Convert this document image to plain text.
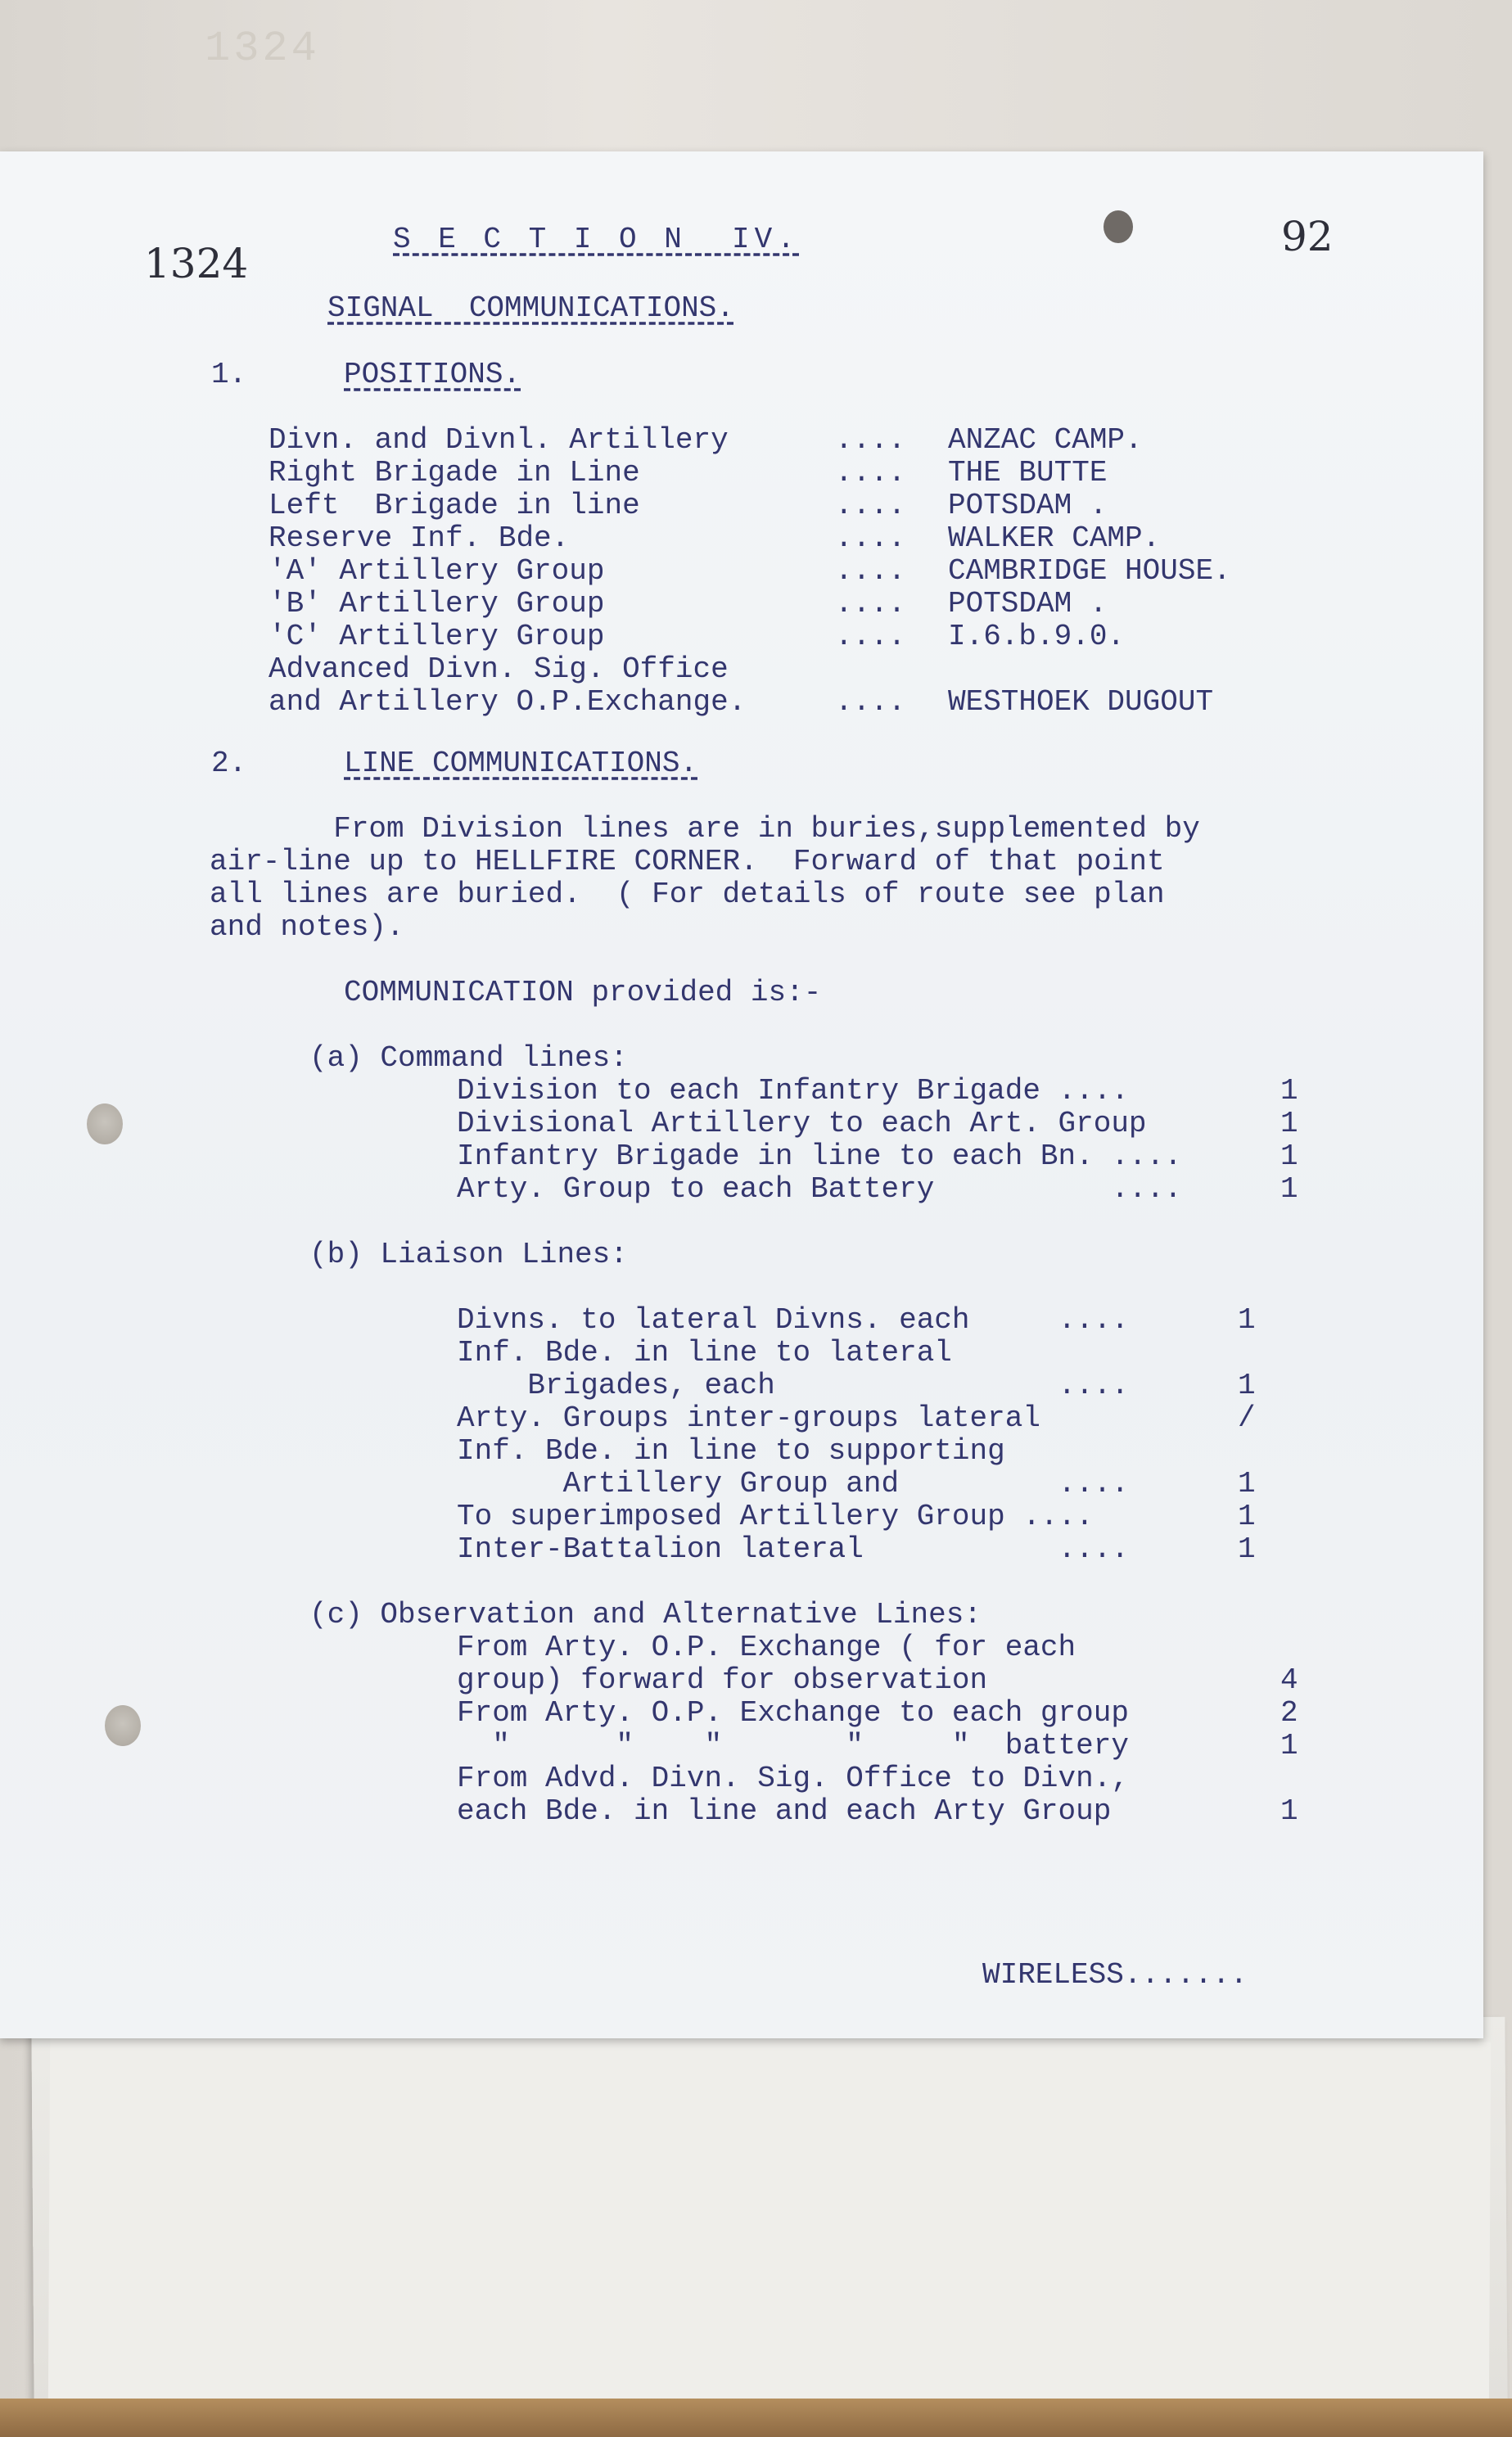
1324
1324
92
S E C T I O N  IV.
SIGNAL  COMMUNICATIONS.
1.	POSITIONS.
Divn. and Divnl. Artillery	.... ANZAC CAMP.
Right Brigade in Line	.... THE BUTTE
Left  Brigade in line	.... POTSDAM .
Reserve Inf. Bde.	.... WALKER CAMP.
'A' Artillery Group	.... CAMBRIDGE HOUSE.
'B' Artillery Group	.... POTSDAM .
'C' Artillery Group	.... I.6.b.9.0.
Advanced Divn. Sig. Office
and Artillery O.P.Exchange.	.... WESTHOEK DUGOUT
2.	LINE COMMUNICATIONS.
From Division lines are in buries,supplemented by
air-line up to HELLFIRE CORNER.  Forward of that point
all lines are buried.  ( For details of route see plan
and notes).
COMMUNICATION provided is:-
(a) Command lines:
Division to each Infantry Brigade ....	1
Divisional Artillery to each Art. Group	1
Infantry Brigade in line to each Bn. ....	1
Arty. Group to each Battery          ....	1
(b) Liaison Lines:
Divns. to lateral Divns. each     ....	1
Inf. Bde. in line to lateral
Brigades, each                ....	1
Arty. Groups inter-groups lateral	/
Inf. Bde. in line to supporting
Artillery Group and         ....	1
To superimposed Artillery Group ....	1
Inter-Battalion lateral           ....	1
(c) Observation and Alternative Lines:
From Arty. O.P. Exchange ( for each
group) forward for observation	4
From Arty. O.P. Exchange to each group	2
"      "    "       "     "  battery	1
From Advd. Divn. Sig. Office to Divn.,
each Bde. in line and each Arty Group	1
WIRELESS.......
